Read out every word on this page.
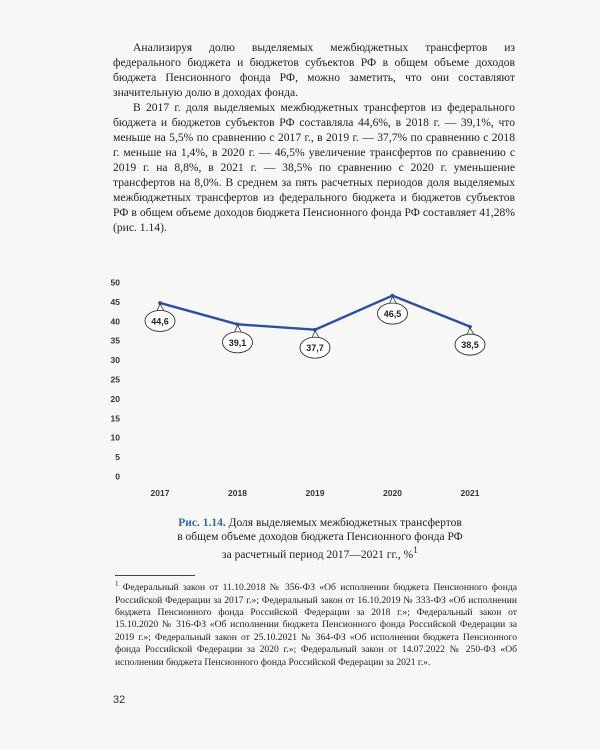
Анализируя долю выделяемых межбюджетных трансфертов из федерального бюджета и бюджетов субъектов РФ в общем объеме доходов бюджета Пенсионного фонда РФ, можно заметить, что они составляют значительную долю в доходах фонда.

В 2017 г. доля выделяемых межбюджетных трансфертов из федерального бюджета и бюджетов субъектов РФ составляла 44,6%, в 2018 г. — 39,1%, что меньше на 5,5% по сравнению с 2017 г., в 2019 г. — 37,7% по сравнению с 2018 г. меньше на 1,4%, в 2020 г. — 46,5% увеличение трансфертов по сравнению с 2019 г. на 8,8%, в 2021 г. — 38,5% по сравнению с 2020 г. уменьшение трансфертов на 8,0%. В среднем за пять расчетных периодов доля выделяемых межбюджетных трансфертов из федерального бюджета и бюджетов субъектов РФ в общем объеме доходов бюджета Пенсионного фонда РФ составляет 41,28% (рис. 1.14).

0
5
10
15
20
25
30
35
40
45
50
2017	2018	2019	2020	2021
44,6
39,1
37,7
46,5
38,5
Рис. 1.14. Доля выделяемых межбюджетных трансфертов
в общем объеме доходов бюджета Пенсионного фонда РФ
за расчетный период 2017—2021 гг., %$^1$
$^1$ Федеральный закон от 11.10.2018 № 356-ФЗ «Об исполнении бюджета Пенсионного фонда Российской Федерации за 2017 г.»; Федеральный закон от 16.10.2019 № 333-ФЗ «Об исполнении бюджета Пенсионного фонда Российской Федерации за 2018 г.»; Федеральный закон от 15.10.2020 № 316-ФЗ «Об исполнении бюджета Пенсионного фонда Российской Федерации за 2019 г.»; Федеральный закон от 25.10.2021 № 364-ФЗ «Об исполнении бюджета Пенсионного фонда Российской Федерации за 2020 г.»; Федеральный закон от 14.07.2022 № 250-ФЗ «Об исполнении бюджета Пенсионного фонда Российской Федерации за 2021 г.».
32
